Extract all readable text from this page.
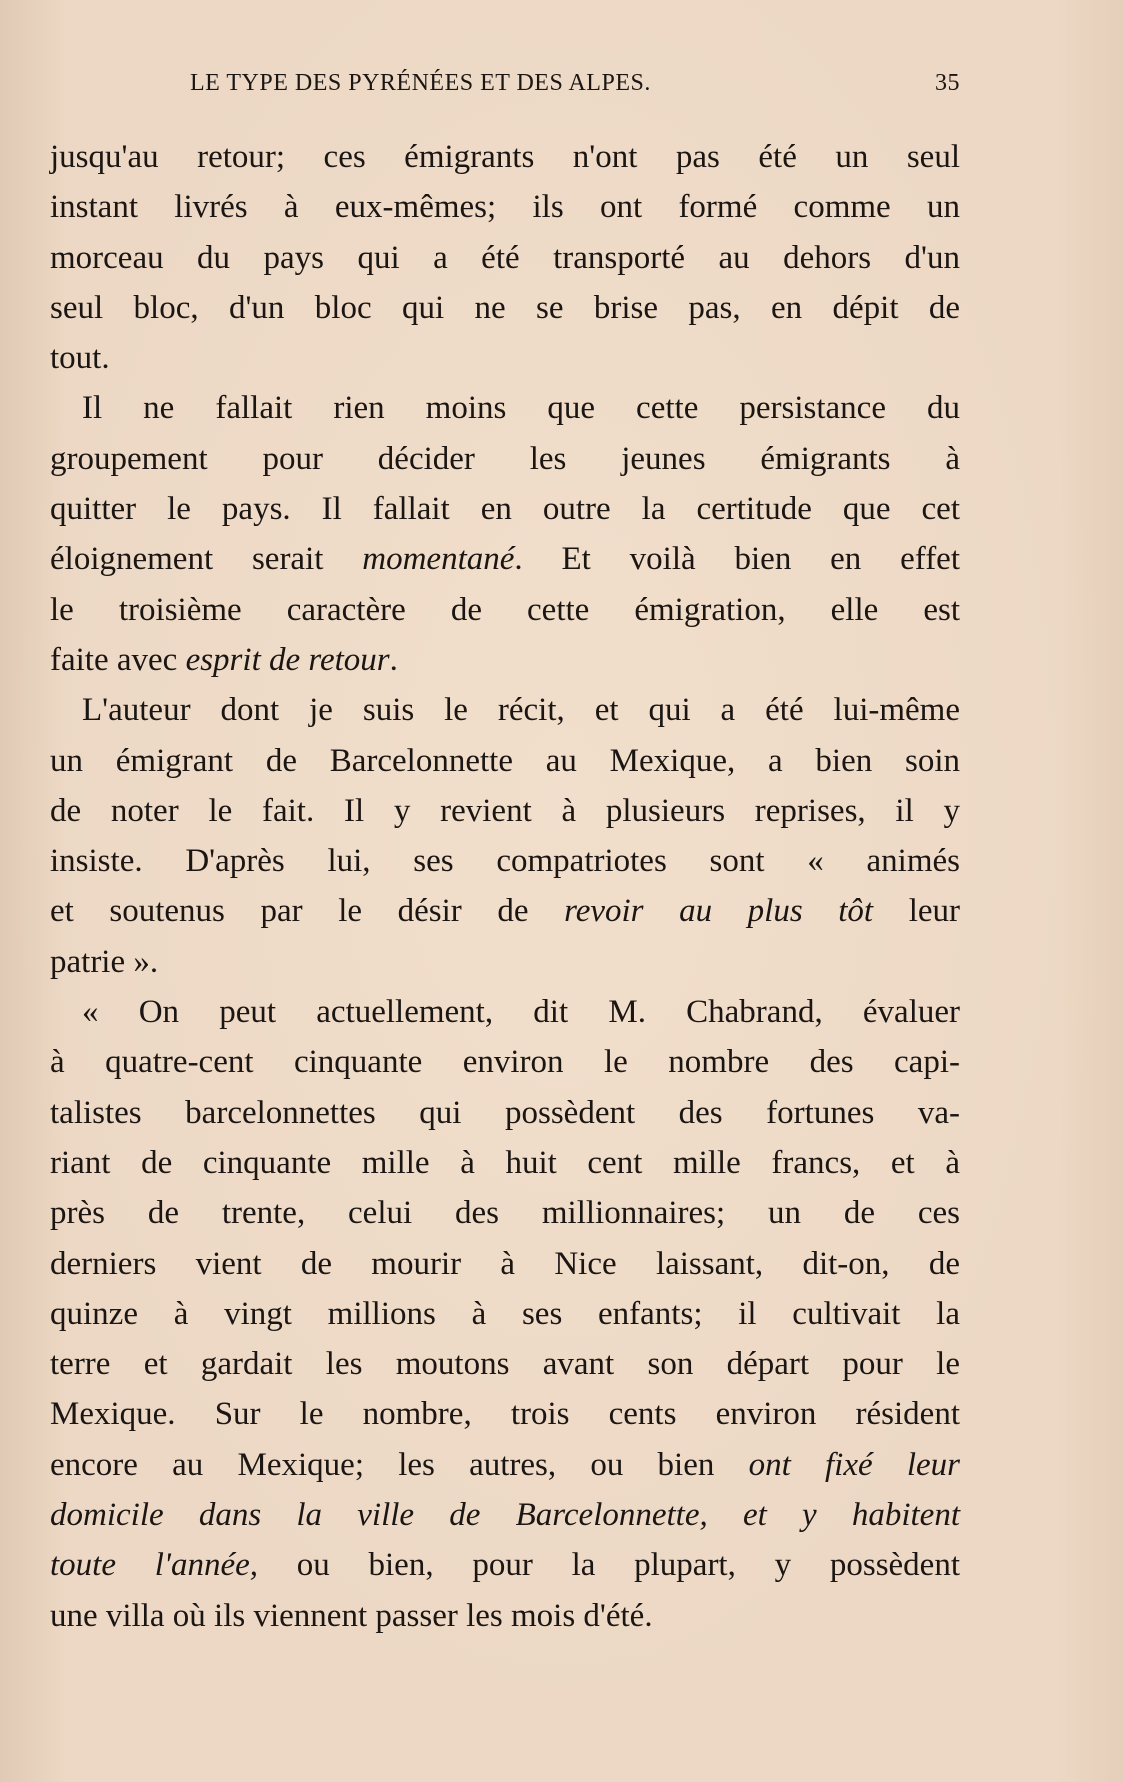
LE TYPE DES PYRÉNÉES ET DES ALPES.	35
jusqu'au retour; ces émigrants n'ont pas été un seul
instant livrés à eux-mêmes; ils ont formé comme un
morceau du pays qui a été transporté au dehors d'un
seul bloc, d'un bloc qui ne se brise pas, en dépit de
tout.
Il ne fallait rien moins que cette persistance du
groupement pour décider les jeunes émigrants à
quitter le pays. Il fallait en outre la certitude que cet
éloignement serait momentané. Et voilà bien en effet
le troisième caractère de cette émigration, elle est
faite avec esprit de retour.
L'auteur dont je suis le récit, et qui a été lui-même
un émigrant de Barcelonnette au Mexique, a bien soin
de noter le fait. Il y revient à plusieurs reprises, il y
insiste. D'après lui, ses compatriotes sont « animés
et soutenus par le désir de revoir au plus tôt leur
patrie ».
« On peut actuellement, dit M. Chabrand, évaluer
à quatre-cent cinquante environ le nombre des capi-
talistes barcelonnettes qui possèdent des fortunes va-
riant de cinquante mille à huit cent mille francs, et à
près de trente, celui des millionnaires; un de ces
derniers vient de mourir à Nice laissant, dit-on, de
quinze à vingt millions à ses enfants; il cultivait la
terre et gardait les moutons avant son départ pour le
Mexique. Sur le nombre, trois cents environ résident
encore au Mexique; les autres, ou bien ont fixé leur
domicile dans la ville de Barcelonnette, et y habitent
toute l'année, ou bien, pour la plupart, y possèdent
une villa où ils viennent passer les mois d'été.
